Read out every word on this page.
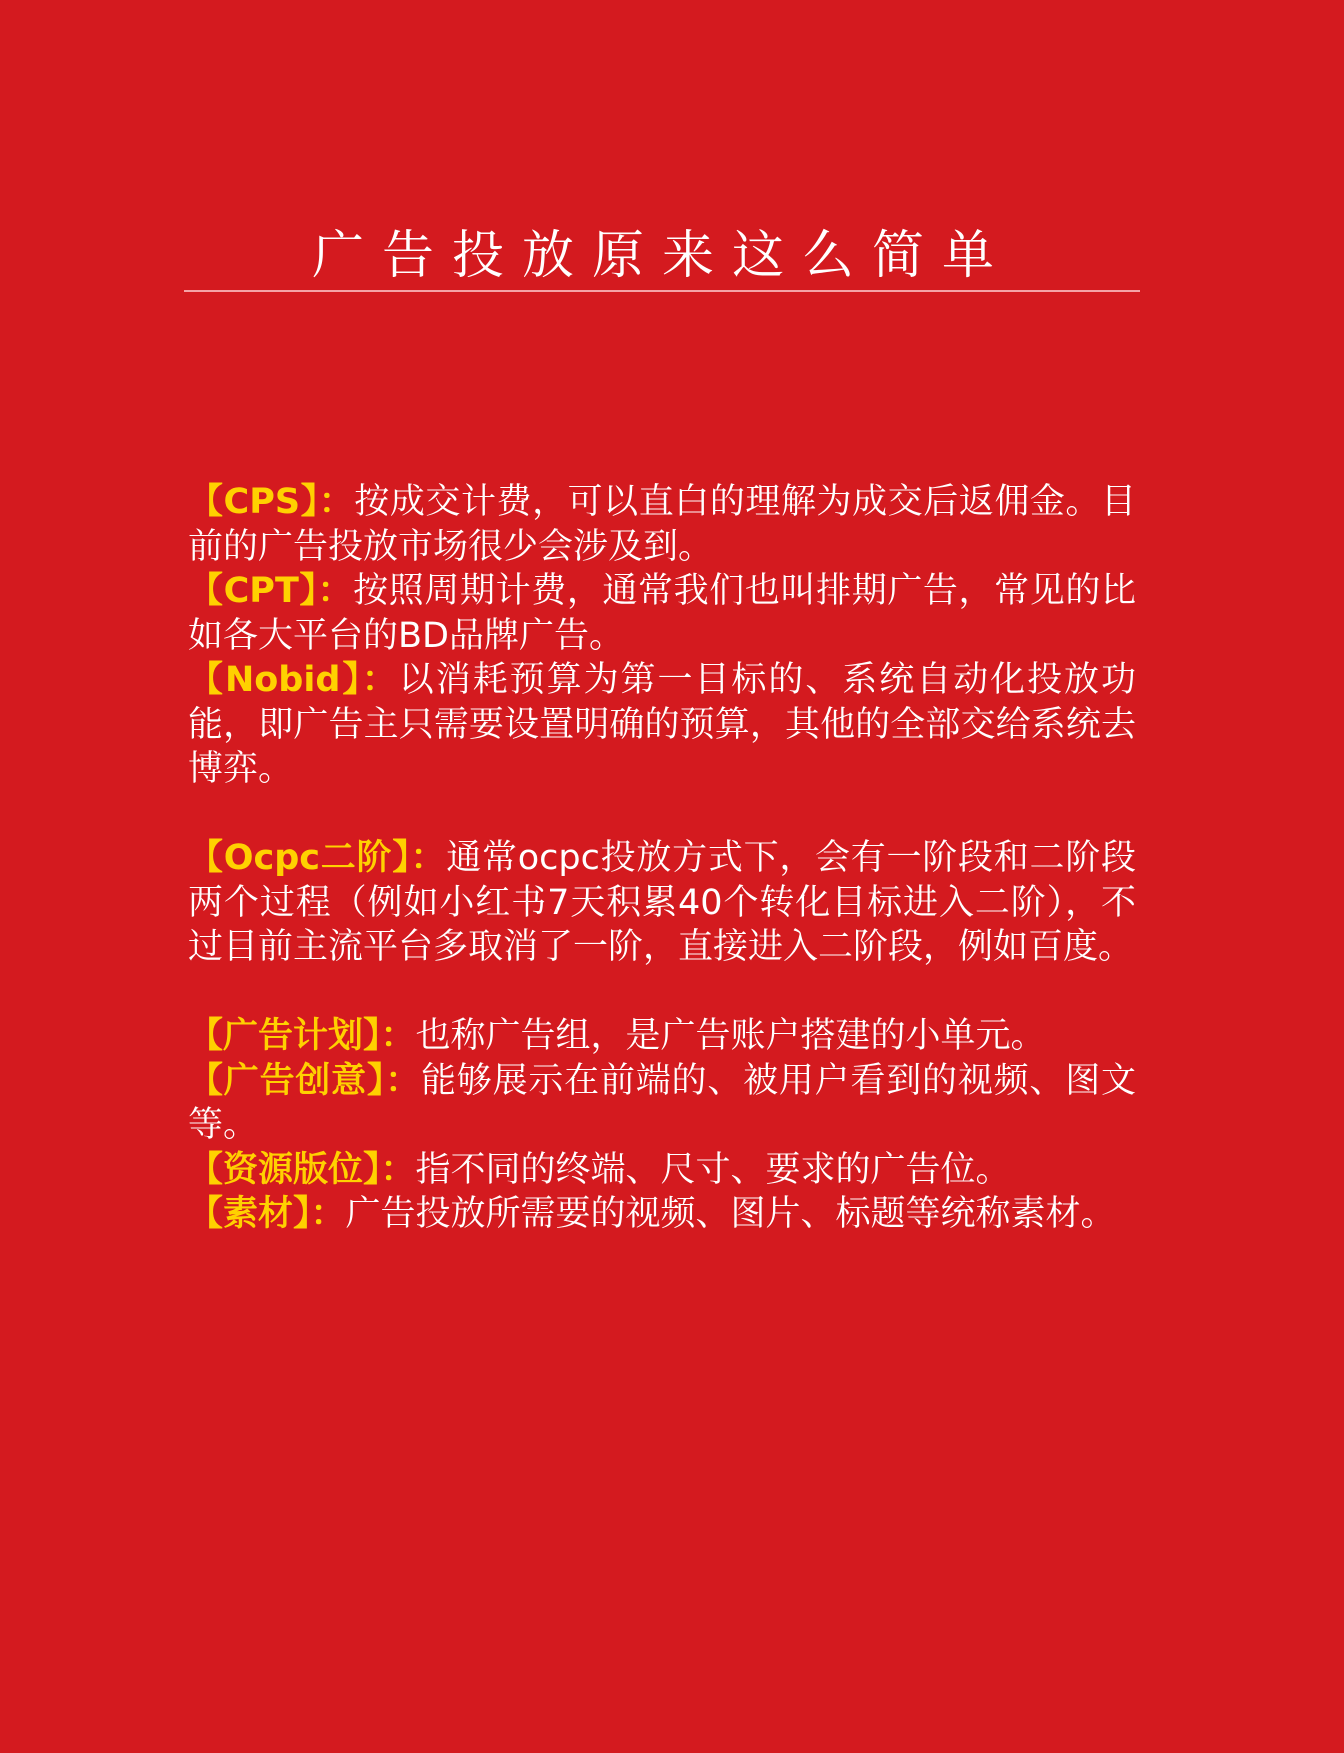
广告投放原来这么简单

【CPS】：按成交计费，可以直白的理解为成交后返佣金。目前的广告投放市场很少会涉及到。

【CPT】：按照周期计费，通常我们也叫排期广告，常见的比如各大平台的BD品牌广告。

【Nobid】：以消耗预算为第一目标的、系统自动化投放功能，即广告主只需要设置明确的预算，其他的全部交给系统去博弈。

【Ocpc二阶】：通常ocpc投放方式下，会有一阶段和二阶段两个过程（例如小红书7天积累40个转化目标进入二阶），不过目前主流平台多取消了一阶，直接进入二阶段，例如百度。

【广告计划】：也称广告组，是广告账户搭建的小单元。

【广告创意】：能够展示在前端的、被用户看到的视频、图文等。

【资源版位】：指不同的终端、尺寸、要求的广告位。

【素材】：广告投放所需要的视频、图片、标题等统称素材。
